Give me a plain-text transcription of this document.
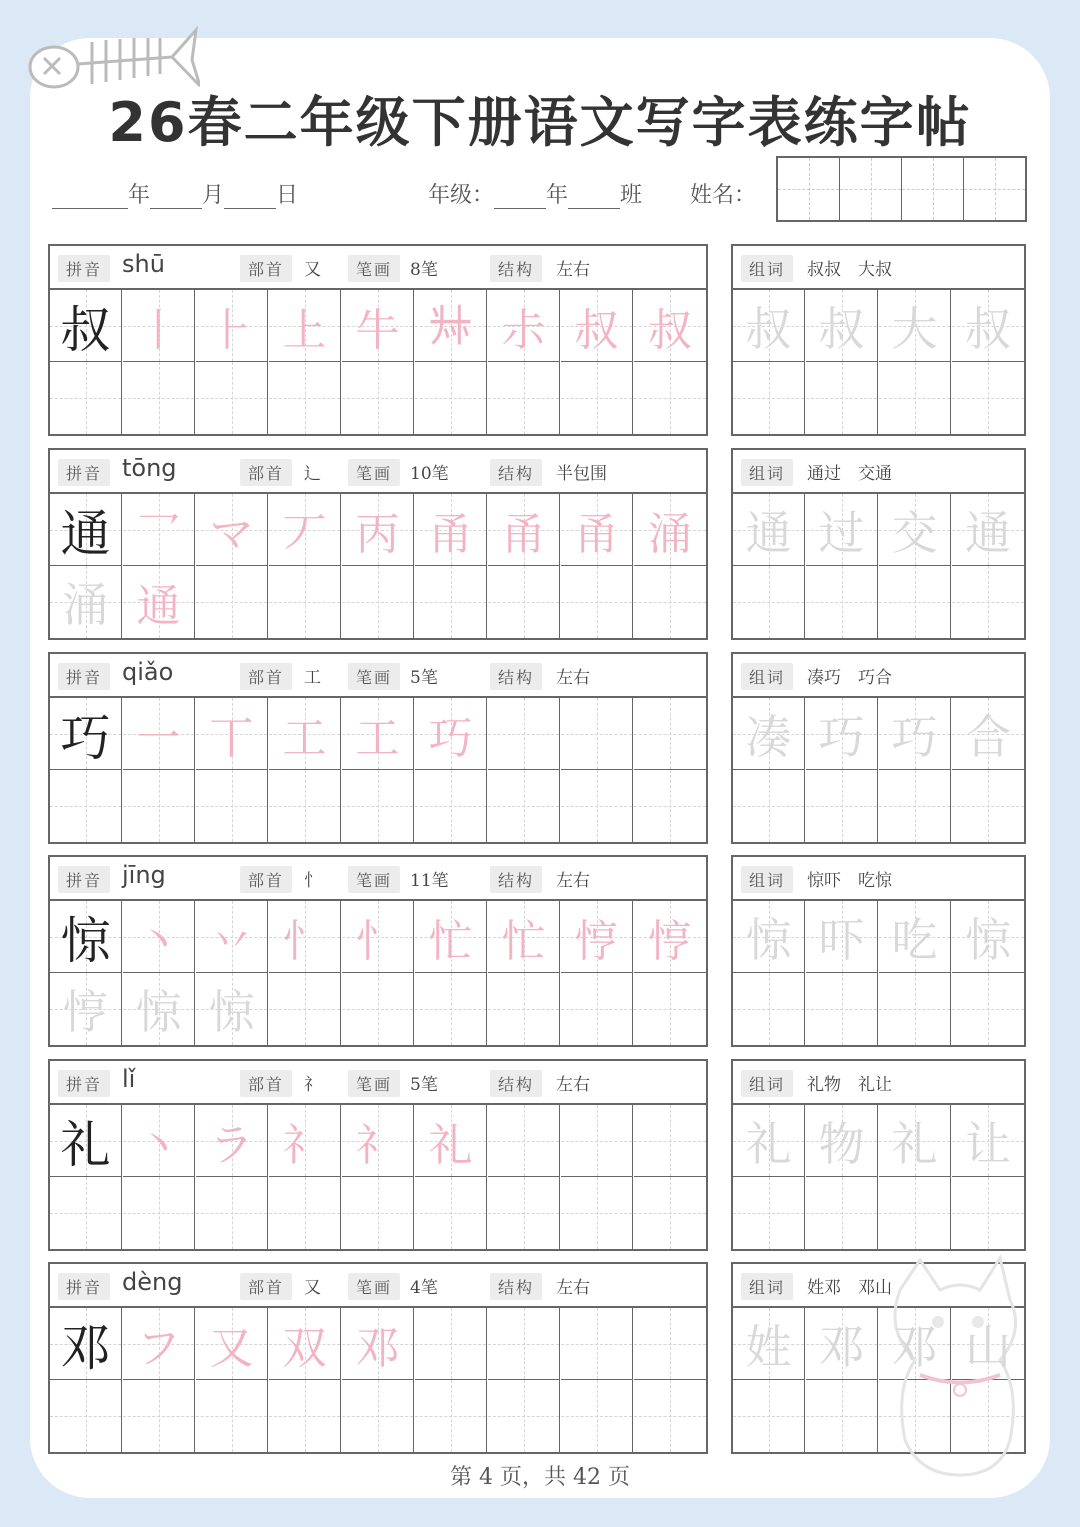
26春二年级下册语文写字表练字帖
年 月 日	年级： 年 班 姓名：
拼音 shū	部首	又	笔画	8笔	结构	左右
叔 丨 ⺊ 上 牛 𠦑 尗 叔 叔
组词	叔叔　大叔
叔 叔 大 叔
拼音 tōng	部首	辶	笔画	10笔	结构	半包围
通 乛 マ 丆 丙 甬 甬 甬 涌
涌 通
组词	通过　交通
通 过 交 通
拼音 qiǎo	部首	工	笔画	5笔	结构	左右
巧 一 丅 工 工 巧
组词	凑巧　巧合
凑 巧 巧 合
拼音 jīng	部首	忄	笔画	11笔	结构	左右
惊 丶 丷 忄 忄 忙 忙 悙 悙
悙 惊 惊
组词	惊吓　吃惊
惊 吓 吃 惊
拼音 lǐ	部首	礻	笔画	5笔	结构	左右
礼 丶 ラ 礻 礻 礼
组词	礼物　礼让
礼 物 礼 让
拼音 dèng	部首	又	笔画	4笔	结构	左右
邓 フ 又 双 邓
组词	姓邓　邓山
姓 邓 邓 山
第 4 页，共 42 页
